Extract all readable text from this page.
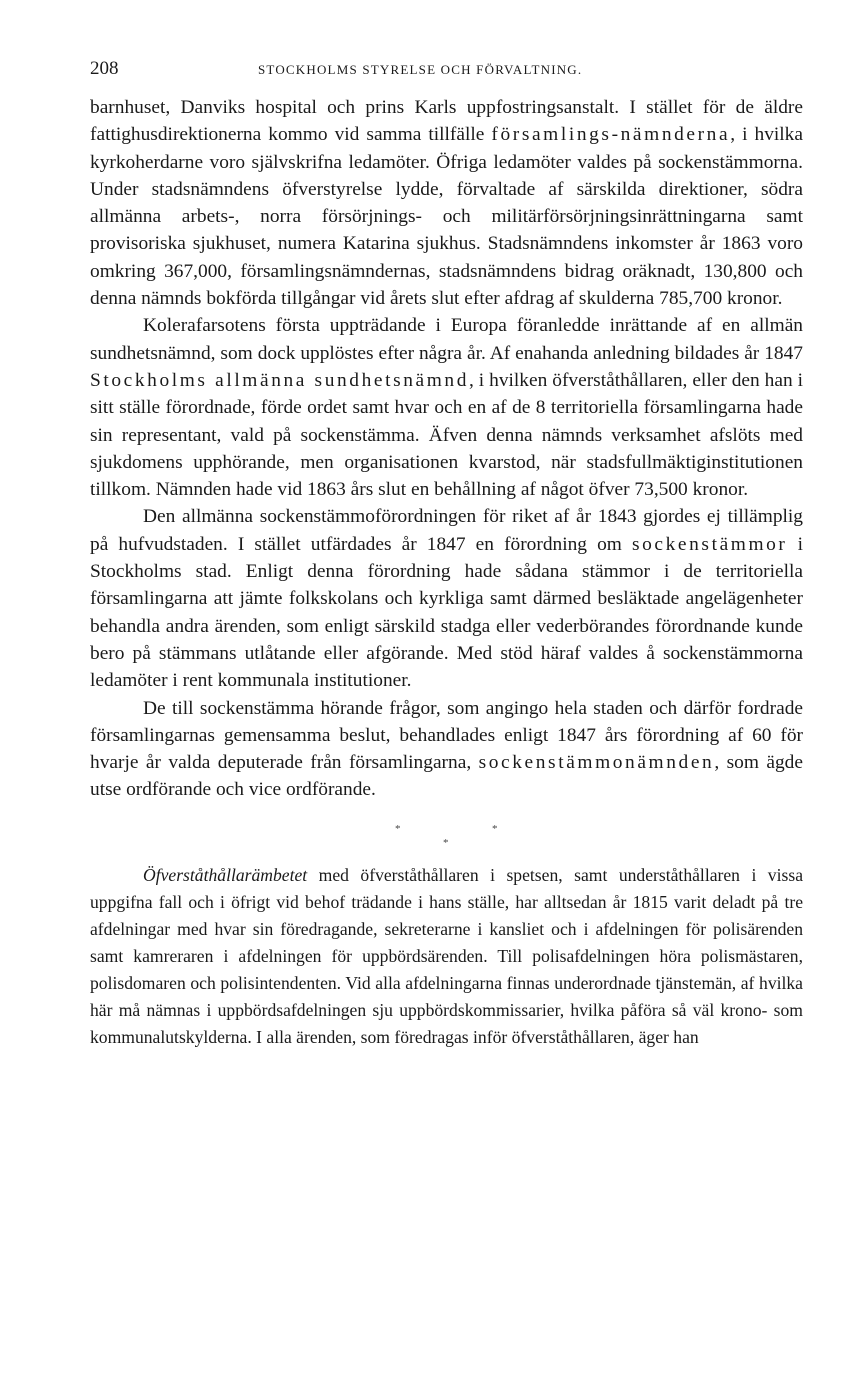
208	STOCKHOLMS STYRELSE OCH FÖRVALTNING.

barnhuset, Danviks hospital och prins Karls uppfostringsanstalt. I stället för de äldre fattighusdirektionerna kommo vid samma tillfälle församlings-nämnderna, i hvilka kyrkoherdarne voro självskrifna ledamöter. Öfriga ledamöter valdes på sockenstämmorna. Under stadsnämndens öfverstyrelse lydde, förvaltade af särskilda direktioner, södra allmänna arbets-, norra försörjnings- och militärförsörjningsinrättningarna samt provisoriska sjukhuset, numera Katarina sjukhus. Stadsnämndens inkomster år 1863 voro omkring 367,000, församlingsnämndernas, stadsnämndens bidrag oräknadt, 130,800 och denna nämnds bokförda tillgångar vid årets slut efter afdrag af skulderna 785,700 kronor.

Kolerafarsotens första uppträdande i Europa föranledde inrättande af en allmän sundhetsnämnd, som dock upplöstes efter några år. Af enahanda anledning bildades år 1847 Stockholms allmänna sundhetsnämnd, i hvilken öfverståthållaren, eller den han i sitt ställe förordnade, förde ordet samt hvar och en af de 8 territoriella församlingarna hade sin representant, vald på sockenstämma. Äfven denna nämnds verksamhet afslöts med sjukdomens upphörande, men organisationen kvarstod, när stadsfullmäktiginstitutionen tillkom. Nämnden hade vid 1863 års slut en behållning af något öfver 73,500 kronor.

Den allmänna sockenstämmoförordningen för riket af år 1843 gjordes ej tillämplig på hufvudstaden. I stället utfärdades år 1847 en förordning om sockenstämmor i Stockholms stad. Enligt denna förordning hade sådana stämmor i de territoriella församlingarna att jämte folkskolans och kyrkliga samt därmed besläktade angelägenheter behandla andra ärenden, som enligt särskild stadga eller vederbörandes förordnande kunde bero på stämmans utlåtande eller afgörande. Med stöd häraf valdes å sockenstämmorna ledamöter i rent kommunala institutioner.

De till sockenstämma hörande frågor, som angingo hela staden och därför fordrade församlingarnas gemensamma beslut, behandlades enligt 1847 års förordning af 60 för hvarje år valda deputerade från församlingarna, sockenstämmonämnden, som ägde utse ordförande och vice ordförande.

*	*
*

Öfverståthållarämbetet med öfverståthållaren i spetsen, samt underståthållaren i vissa uppgifna fall och i öfrigt vid behof trädande i hans ställe, har alltsedan år 1815 varit deladt på tre afdelningar med hvar sin föredragande, sekreterarne i kansliet och i afdelningen för polisärenden samt kamreraren i afdelningen för uppbördsärenden. Till polisafdelningen höra polismästaren, polisdomaren och polisintendenten. Vid alla afdelningarna finnas underordnade tjänstemän, af hvilka här må nämnas i uppbördsafdelningen sju uppbördskommissarier, hvilka påföra så väl krono- som kommunalutskylderna. I alla ärenden, som föredragas inför öfverståthållaren, äger han
